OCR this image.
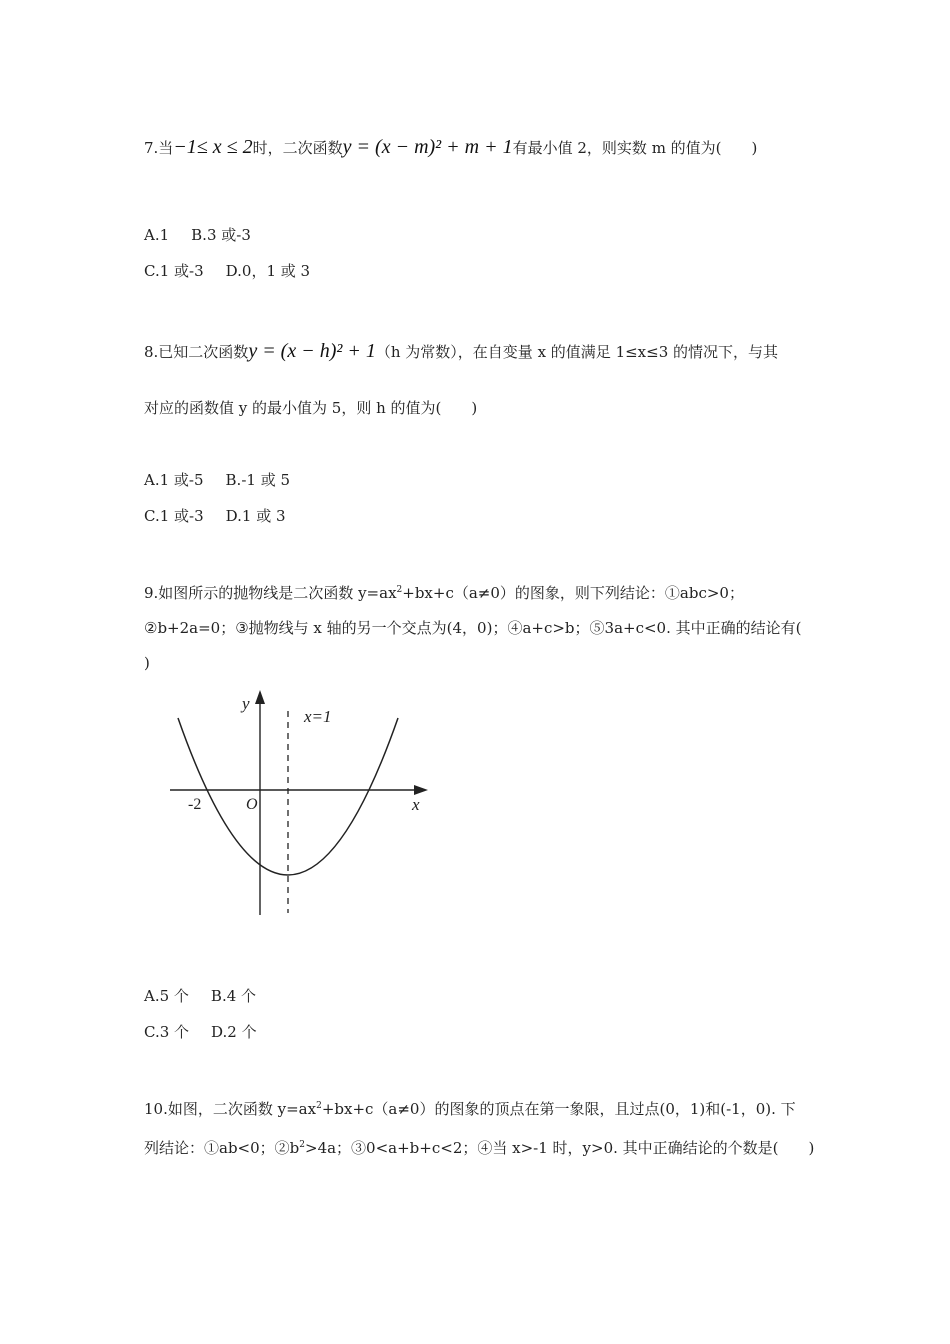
7.当−1≤ x ≤ 2时，二次函数y = (x − m)² + m + 1有最小值 2，则实数 m 的值为(　　)
A.1 B.3 或-3
C.1 或-3 D.0，1 或 3
8.已知二次函数y = (x − h)² + 1（h 为常数），在自变量 x 的值满足 1≤x≤3 的情况下，与其
对应的函数值 y 的最小值为 5，则 h 的值为(　　)
A.1 或-5 B.-1 或 5
C.1 或-3 D.1 或 3
9.如图所示的抛物线是二次函数 $y=ax^2+bx+c(a\ne 0)$的图象，则下列结论：①abc>0；
②b+2a=0；③抛物线与 x 轴的另一个交点为(4，0)；④a+c>b；⑤3a+c<0. 其中正确的结论有(
)
y
x
O
-2
x=1
A.5 个 B.4 个
C.3 个 D.2 个
10.如图，二次函数 $y=ax^2+bx+c(a\ne 0)$的图象的顶点在第一象限，且过点(0，1)和(-1，0). 下
列结论：①ab<0；$②b^2>4a$；③0<a+b+c<2；④当 x>-1 时，y>0. 其中正确结论的个数是(　　)
